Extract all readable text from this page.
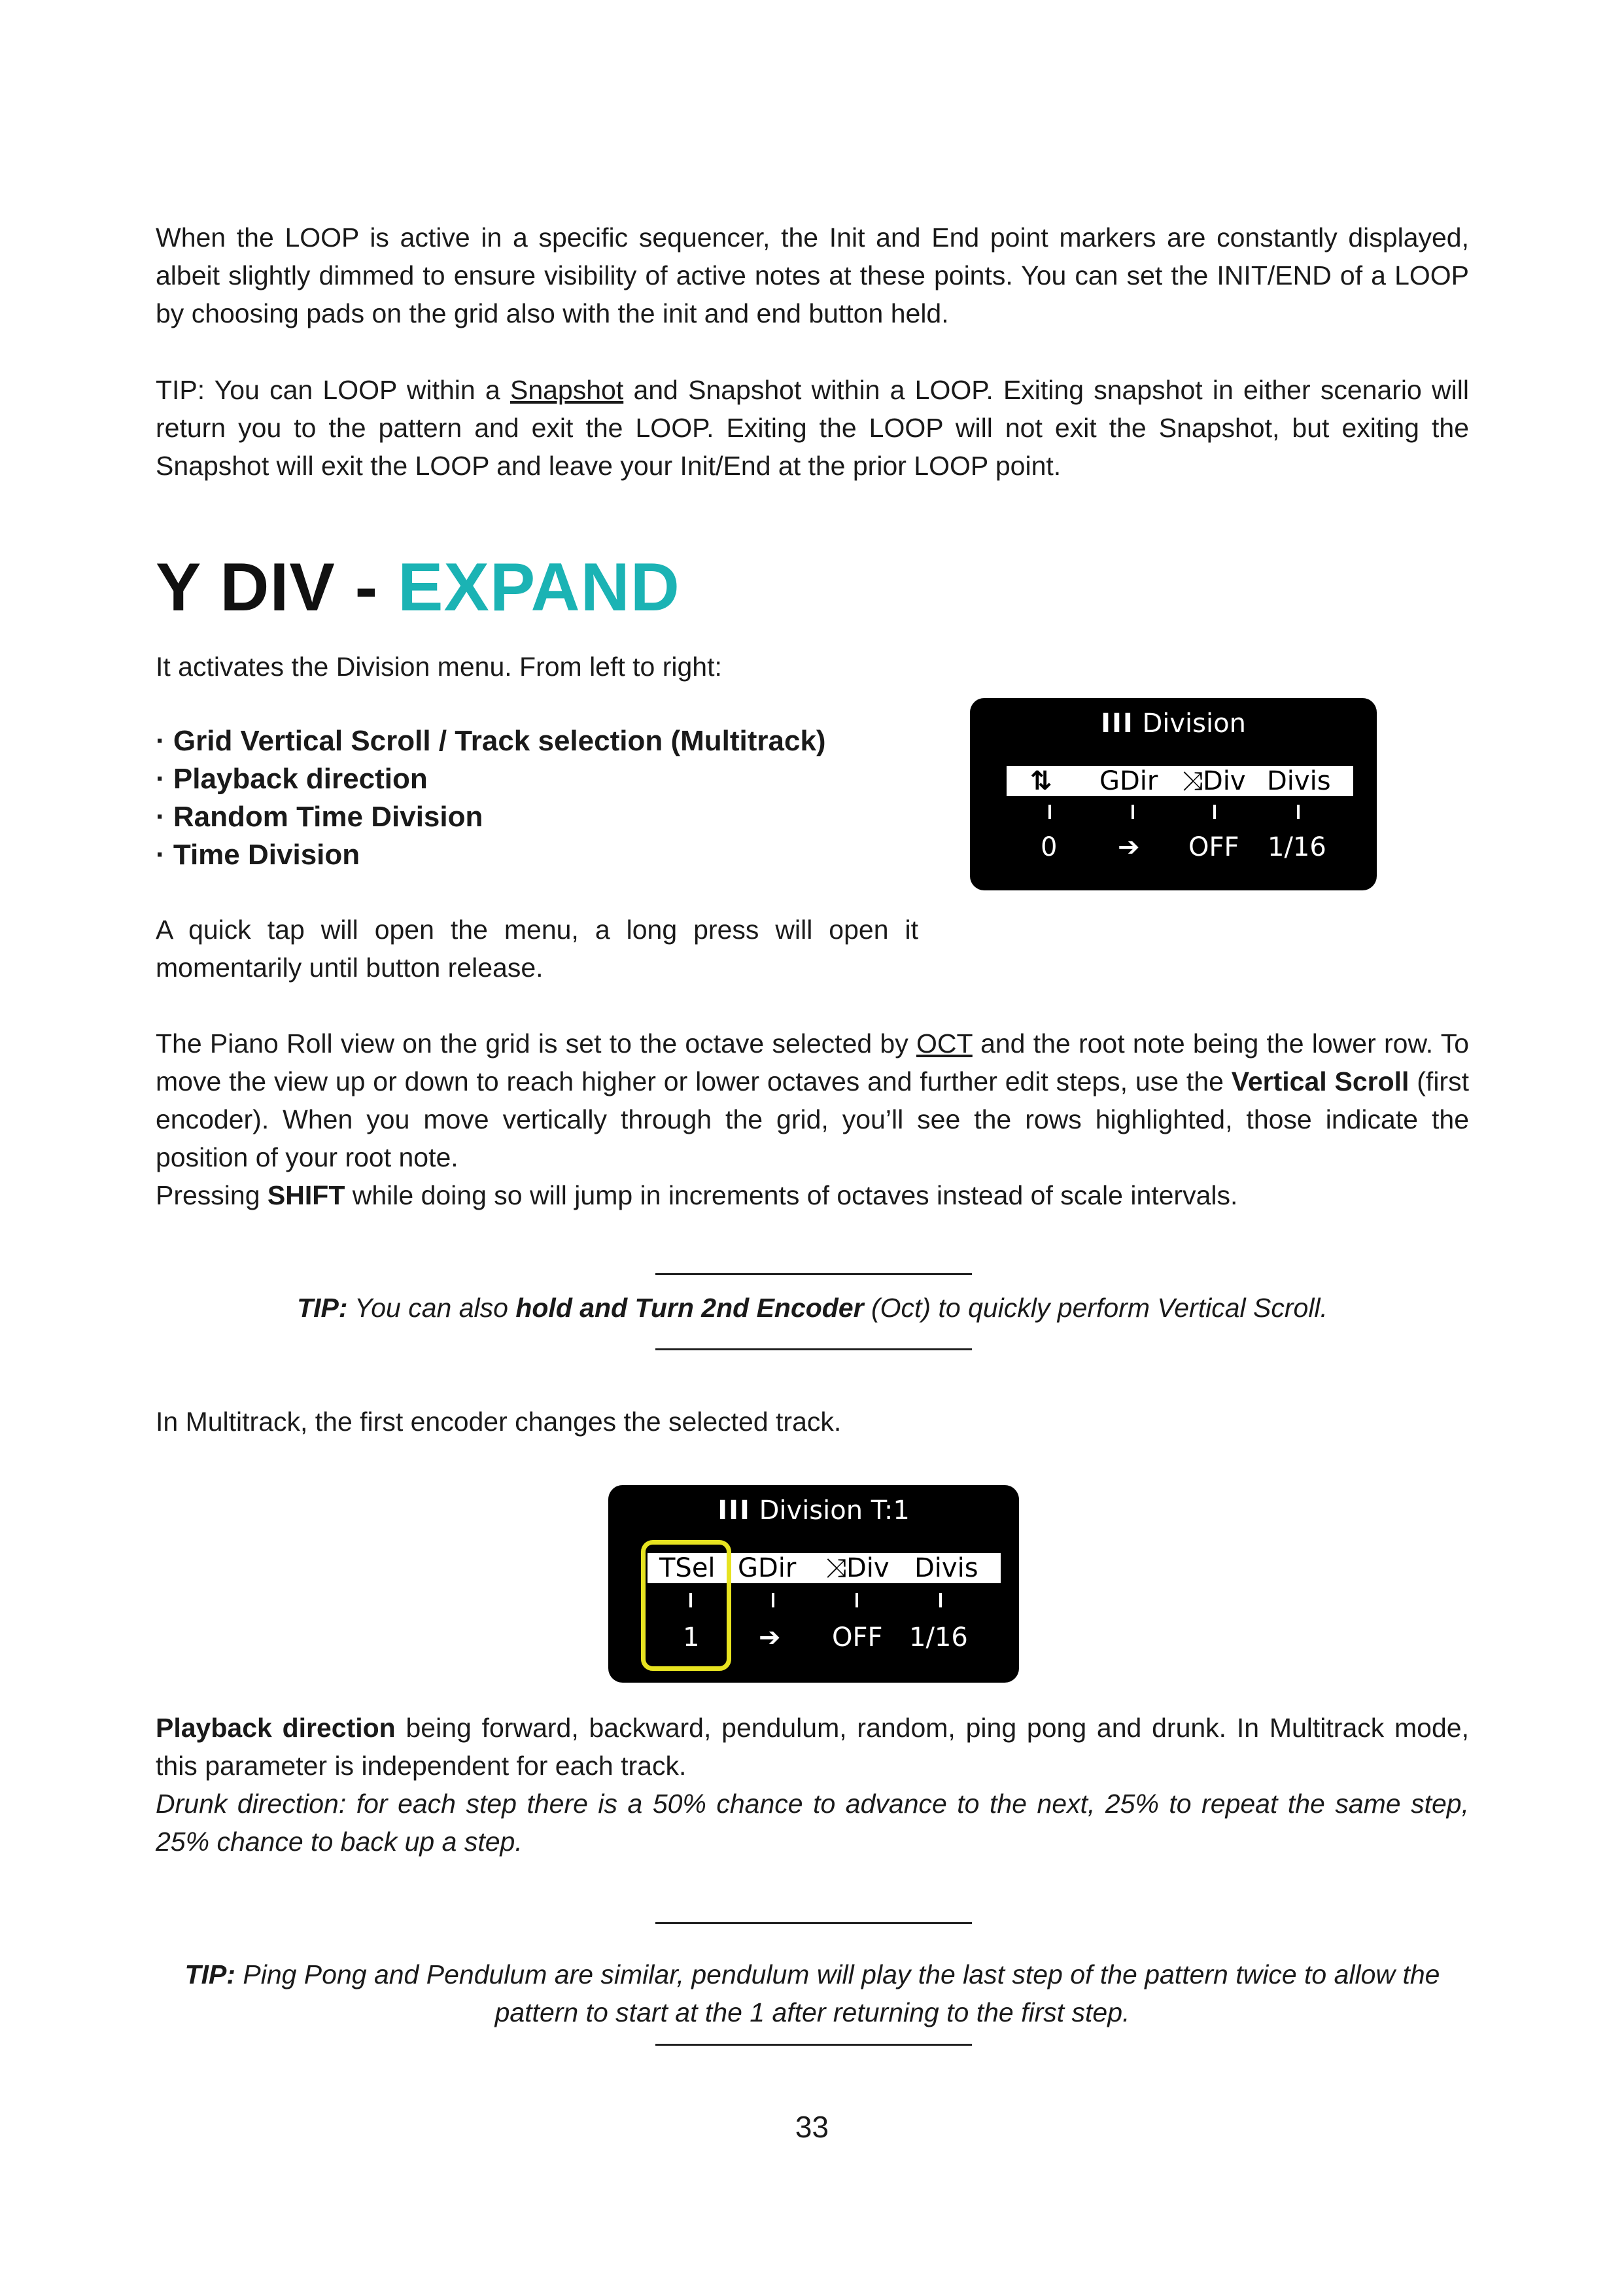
When the LOOP is active in a specific sequencer, the Init and End point markers are constantly displayed, albeit slightly dimmed to ensure visibility of active notes at these points. You can set the INIT/END of a LOOP by choosing pads on the grid also with the init and end button held.

TIP: You can LOOP within a Snapshot and Snapshot within a LOOP. Exiting snapshot in either scenario will return you to the pattern and exit the LOOP. Exiting the LOOP will not exit the Snapshot, but exiting the Snapshot will exit the LOOP and leave your Init/End at the prior LOOP point.

Y DIV - EXPAND

It activates the Division menu. From left to right:

· Grid Vertical Scroll / Track selection (Multitrack)
· Playback direction
· Random Time Division
· Time Division
III Division
⇅ GDir ⤨Div Divis
0 ➔ OFF 1/16

A quick tap will open the menu, a long press will open it momentarily until button release.

The Piano Roll view on the grid is set to the octave selected by OCT and the root note being the lower row. To move the view up or down to reach higher or lower octaves and further edit steps, use the Vertical Scroll (first encoder). When you move vertically through the grid, you’ll see the rows highlighted, those indicate the position of your root note.

Pressing SHIFT while doing so will jump in increments of octaves instead of scale intervals.

TIP: You can also hold and Turn 2nd Encoder (Oct) to quickly perform Vertical Scroll.

In Multitrack, the first encoder changes the selected track.

III Division T:1
TSel GDir ⤨Div Divis
1 ➔ OFF 1/16

Playback direction being forward, backward, pendulum, random, ping pong and drunk. In Multitrack mode, this parameter is independent for each track.

Drunk direction: for each step there is a 50% chance to advance to the next, 25% to repeat the same step, 25% chance to back up a step.

TIP: Ping Pong and Pendulum are similar, pendulum will play the last step of the pattern twice to allow the pattern to start at the 1 after returning to the first step.

33
